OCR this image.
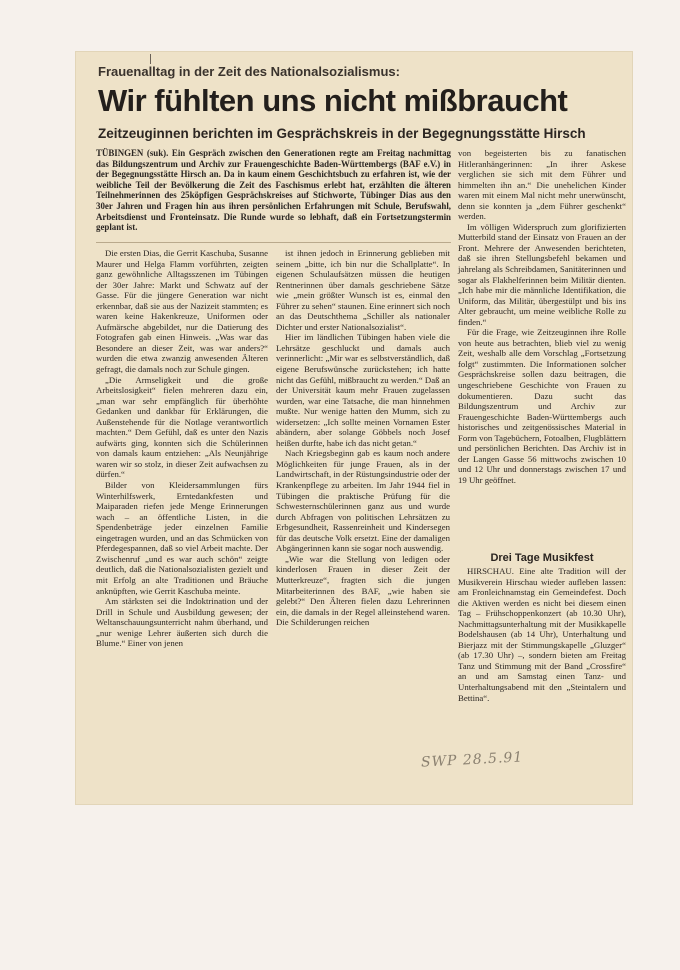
Frauenalltag in der Zeit des Nationalsozialismus:
Wir fühlten uns nicht mißbraucht
Zeitzeuginnen berichten im Gesprächskreis in der Begegnungsstätte Hirsch
TÜBINGEN (suk). Ein Gespräch zwischen den Generationen regte am Freitag nachmittag das Bildungszentrum und Archiv zur Frauengeschichte Baden-Württembergs (BAF e.V.) in der Begegnungsstätte Hirsch an. Da in kaum einem Geschichtsbuch zu erfahren ist, wie der weibliche Teil der Bevölkerung die Zeit des Faschismus erlebt hat, erzählten die älteren Teilnehmerinnen des 25köpfigen Gesprächskreises auf Stichworte, Tübinger Dias aus den 30er Jahren und Fragen hin aus ihren persönlichen Erfahrungen mit Schule, Berufswahl, Arbeitsdienst und Fronteinsatz. Die Runde wurde so lebhaft, daß ein Fortsetzungstermin geplant ist.

Die ersten Dias, die Gerrit Kaschuba, Susanne Maurer und Helga Flamm vorführten, zeigten ganz gewöhnliche Alltagsszenen im Tübingen der 30er Jahre: Markt und Schwatz auf der Gasse. Für die jüngere Generation war nicht erkennbar, daß sie aus der Nazizeit stammten; es waren keine Hakenkreuze, Uniformen oder Aufmärsche abgebildet, nur die Datierung des Fotografen gab einen Hinweis. „Was war das Besondere an dieser Zeit, was war anders?“ wurden die etwa zwanzig anwesenden Älteren gefragt, die damals noch zur Schule gingen.

„Die Armseligkeit und die große Arbeitslosigkeit“ fielen mehreren dazu ein, „man war sehr empfänglich für überhöhte Gedanken und dankbar für Erklärungen, die Außenstehende für die Notlage verantwortlich machten.“ Dem Gefühl, daß es unter den Nazis aufwärts ging, konnten sich die Schülerinnen von damals kaum entziehen: „Als Neunjährige waren wir so stolz, in dieser Zeit aufwachsen zu dürfen.“

Bilder von Kleidersammlungen fürs Winterhilfswerk, Erntedankfesten und Maiparaden riefen jede Menge Erinnerungen wach – an öffentliche Listen, in die Spendenbeträge jeder einzelnen Familie eingetragen wurden, und an das Schmücken von Pferdegespannen, daß so viel Arbeit machte. Der Zwischenruf „und es war auch schön“ zeigte deutlich, daß die Nationalsozialisten gezielt und mit Erfolg an alte Traditionen und Bräuche anknüpften, wie Gerrit Kaschuba meinte.

Am stärksten sei die Indoktrination und der Drill in Schule und Ausbildung gewesen; der Weltanschauungsunterricht nahm überhand, und „nur wenige Lehrer äußerten sich durch die Blume.“ Einer von jenen

ist ihnen jedoch in Erinnerung geblieben mit seinem „bitte, ich bin nur die Schallplatte“. In eigenen Schulaufsätzen müssen die heutigen Rentnerinnen über damals geschriebene Sätze wie „mein größter Wunsch ist es, einmal den Führer zu sehen“ staunen. Eine erinnert sich noch an das Deutschthema „Schiller als nationaler Dichter und erster Nationalsozialist“.

Hier im ländlichen Tübingen haben viele die Lehrsätze geschluckt und damals auch verinnerlicht: „Mir war es selbstverständlich, daß eigene Berufswünsche zurückstehen; ich hatte nicht das Gefühl, mißbraucht zu werden.“ Daß an der Universität kaum mehr Frauen zugelassen wurden, war eine Tatsache, die man hinnehmen mußte. Nur wenige hatten den Mumm, sich zu widersetzen: „Ich sollte meinen Vornamen Ester abändern, aber solange Göbbels noch Josef heißen durfte, habe ich das nicht getan.“

Nach Kriegsbeginn gab es kaum noch andere Möglichkeiten für junge Frauen, als in der Landwirtschaft, in der Rüstungsindustrie oder der Krankenpflege zu arbeiten. Im Jahr 1944 fiel in Tübingen die praktische Prüfung für die Schwesternschülerinnen ganz aus und wurde durch Abfragen von politischen Lehrsätzen zu Erbgesundheit, Rassenreinheit und Kindersegen für das deutsche Volk ersetzt. Eine der damaligen Abgängerinnen kann sie sogar noch auswendig.

„Wie war die Stellung von ledigen oder kinderlosen Frauen in dieser Zeit der Mutterkreuze“, fragten sich die jungen Mitarbeiterinnen des BAF, „wie haben sie gelebt?“ Den Älteren fielen dazu Lehrerinnen ein, die damals in der Regel alleinstehend waren. Die Schilderungen reichen

von begeisterten bis zu fanatischen Hitleranhängerinnen: „In ihrer Askese verglichen sie sich mit dem Führer und himmelten ihn an.“ Die unehelichen Kinder waren mit einem Mal nicht mehr unerwünscht, denn sie konnten ja „dem Führer geschenkt“ werden.

Im völligen Widerspruch zum glorifizierten Mutterbild stand der Einsatz von Frauen an der Front. Mehrere der Anwesenden berichteten, daß sie ihren Stellungsbefehl bekamen und jahrelang als Schreibdamen, Sanitäterinnen und sogar als Flakhelferinnen beim Militär dienten. „Ich habe mir die männliche Identifikation, die Uniform, das Militär, übergestülpt und bis ins Alter gebraucht, um meine weibliche Rolle zu finden.“

Für die Frage, wie Zeitzeuginnen ihre Rolle von heute aus betrachten, blieb viel zu wenig Zeit, weshalb alle dem Vorschlag „Fortsetzung folgt“ zustimmten. Die Informationen solcher Gesprächskreise sollen dazu beitragen, die ungeschriebene Geschichte von Frauen zu dokumentieren. Dazu sucht das Bildungszentrum und Archiv zur Frauengeschichte Baden-Württembergs auch historisches und zeitgenössisches Material in Form von Tagebüchern, Fotoalben, Flugblättern und persönlichen Berichten. Das Archiv ist in der Langen Gasse 56 mittwochs zwischen 10 und 12 Uhr und donnerstags zwischen 17 und 19 Uhr geöffnet.

Drei Tage Musikfest

HIRSCHAU. Eine alte Tradition will der Musikverein Hirschau wieder aufleben lassen: am Fronleichnamstag ein Gemeindefest. Doch die Aktiven werden es nicht bei diesem einen Tag – Frühschoppenkonzert (ab 10.30 Uhr), Nachmittagsunterhaltung mit der Musikkapelle Bodelshausen (ab 14 Uhr), Unterhaltung und Bierjazz mit der Stimmungskapelle „Gluzger“ (ab 17.30 Uhr) –, sondern bieten am Freitag Tanz und Stimmung mit der Band „Crossfire“ an und am Samstag einen Tanz- und Unterhaltungsabend mit den „Steintalern und Bettina“.

SWP 28.5.91
